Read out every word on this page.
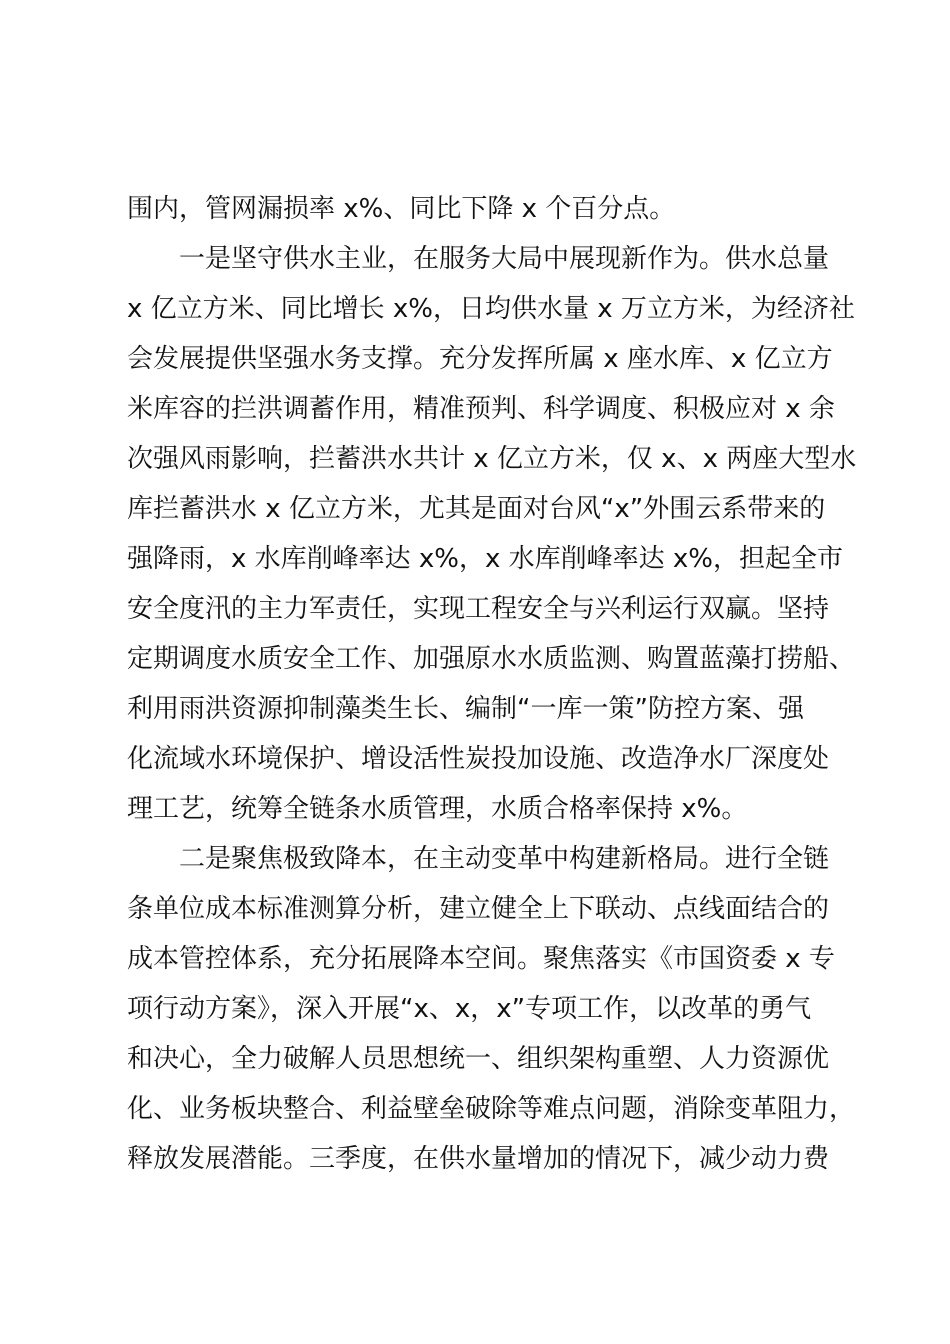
围内，管网漏损率 x%、同比下降 x 个百分点。
一是坚守供水主业，在服务大局中展现新作为。供水总量
x 亿立方米、同比增长 x%，日均供水量 x 万立方米，为经济社
会发展提供坚强水务支撑。充分发挥所属 x 座水库、x 亿立方
米库容的拦洪调蓄作用，精准预判、科学调度、积极应对 x 余
次强风雨影响，拦蓄洪水共计 x 亿立方米，仅 x、x 两座大型水
库拦蓄洪水 x 亿立方米，尤其是面对台风“x”外围云系带来的
强降雨，x 水库削峰率达 x%，x 水库削峰率达 x%，担起全市
安全度汛的主力军责任，实现工程安全与兴利运行双赢。坚持
定期调度水质安全工作、加强原水水质监测、购置蓝藻打捞船、
利用雨洪资源抑制藻类生长、编制“一库一策”防控方案、强
化流域水环境保护、增设活性炭投加设施、改造净水厂深度处
理工艺，统筹全链条水质管理，水质合格率保持 x%。
二是聚焦极致降本，在主动变革中构建新格局。进行全链
条单位成本标准测算分析，建立健全上下联动、点线面结合的
成本管控体系，充分拓展降本空间。聚焦落实《市国资委 x 专
项行动方案》，深入开展“x、x，x”专项工作，以改革的勇气
和决心，全力破解人员思想统一、组织架构重塑、人力资源优
化、业务板块整合、利益壁垒破除等难点问题，消除变革阻力，
释放发展潜能。三季度，在供水量增加的情况下，减少动力费
